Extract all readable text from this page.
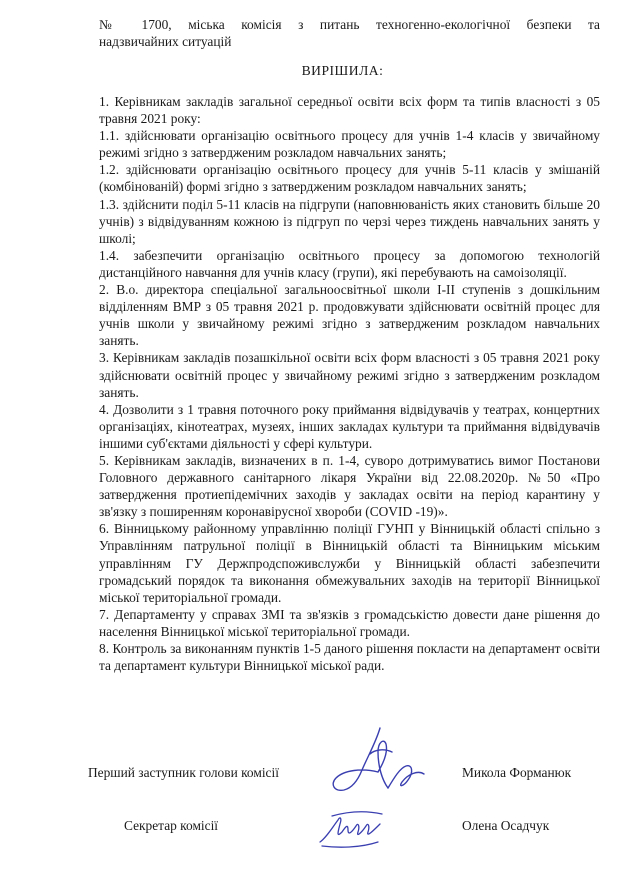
№ 1700, міська комісія з питань техногенно-екологічної безпеки та

надзвичайних ситуацій

ВИРІШИЛА:

1. Керівникам закладів загальної середньої освіти всіх форм та типів власності з 05 травня 2021 року:

1.1. здійснювати організацію освітнього процесу для учнів 1-4 класів у звичайному режимі згідно з затвердженим розкладом навчальних занять;

1.2. здійснювати організацію освітнього процесу для учнів 5-11 класів у змішаній (комбінованій) формі згідно з затвердженим розкладом навчальних занять;

1.3. здійснити поділ 5-11 класів на підгрупи (наповнюваність яких становить більше 20 учнів) з відвідуванням кожною із підгруп по черзі через тиждень навчальних занять у школі;

1.4. забезпечити організацію освітнього процесу за допомогою технологій дистанційного навчання для учнів класу (групи), які перебувають на самоізоляції.

2. В.о. директора спеціальної загальноосвітньої школи І-ІІ ступенів з дошкільним відділенням ВМР з 05 травня 2021 р. продовжувати здійснювати освітній процес для учнів школи у звичайному режимі згідно з затвердженим розкладом навчальних занять.

3. Керівникам закладів позашкільної освіти всіх форм власності з 05 травня 2021 року здійснювати освітній процес у звичайному режимі згідно з затвердженим розкладом занять.

4. Дозволити з 1 травня поточного року приймання відвідувачів у театрах, концертних організаціях, кінотеатрах, музеях, інших закладах культури та приймання відвідувачів іншими суб'єктами діяльності у сфері культури.

5. Керівникам закладів, визначених в п. 1-4, суворо дотримуватись вимог Постанови Головного державного санітарного лікаря України від 22.08.2020р. №50 «Про затвердження протиепідемічних заходів у закладах освіти на період карантину у зв'язку з поширенням коронавірусної хвороби (COVID -19)».

6. Вінницькому районному управлінню поліції ГУНП у Вінницькій області спільно з Управлінням патрульної поліції в Вінницькій області та Вінницьким міським управлінням ГУ Держпродспоживслужби у Вінницькій області забезпечити громадський порядок та виконання обмежувальних заходів на території Вінницької міської територіальної громади.

7. Департаменту у справах ЗМІ та зв'язків з громадськістю довести дане рішення до населення Вінницької міської територіальної громади.

8. Контроль за виконанням пунктів 1-5 даного рішення покласти на департамент освіти та департамент культури Вінницької міської ради.

Перший заступник голови комісії	Микола Форманюк
Секретар комісії	Олена Осадчук
